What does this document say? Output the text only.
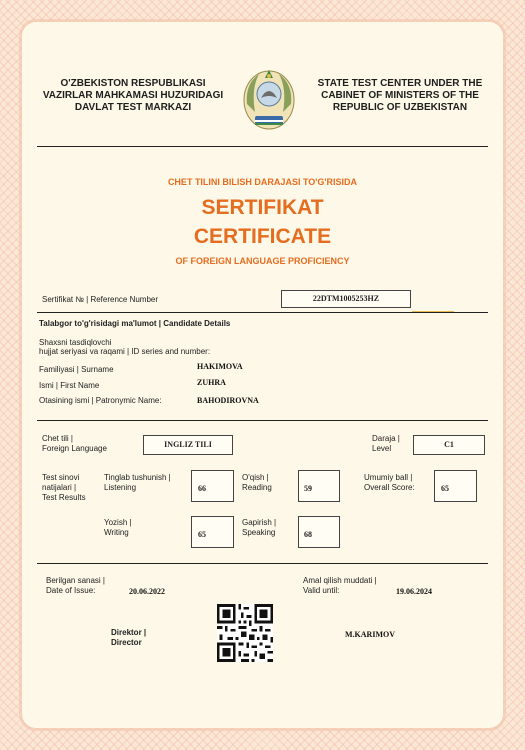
O'ZBEKISTON RESPUBLIKASI
VAZIRLAR MAHKAMASI HUZURIDAGI
DAVLAT TEST MARKAZI
STATE TEST CENTER UNDER THE
CABINET OF MINISTERS OF THE
REPUBLIC OF UZBEKISTAN
CHET TILINI BILISH DARAJASI TO'G'RISIDA
SERTIFIKAT
CERTIFICATE
OF FOREIGN LANGUAGE PROFICIENCY
Sertifikat № | Reference Number	22DTM1005253HZ
Talabgor to'g'risidagi ma'lumot | Candidate Details
Shaxsni tasdiqlovchi
hujjat seriyasi va raqami | ID series and number:
Familiyasi | Surname	HAKIMOVA
Ismi | First Name	ZUHRA
Otasining ismi | Patronymic Name:	BAHODIROVNA
Chet tili |
Foreign Language	INGLIZ TILI
Daraja |
Level	C1
Test sinovi
natijalari |
Test Results
Tinglab tushunish |
Listening	66
O'qish |
Reading	59
Umumiy ball |
Overall Score:	65
Yozish |
Writing	65
Gapirish |
Speaking	68
Berilgan sanasi |
Date of Issue:	20.06.2022
Amal qilish muddati |
Valid until:	19.06.2024
Direktor |
Director
M.KARIMOV
